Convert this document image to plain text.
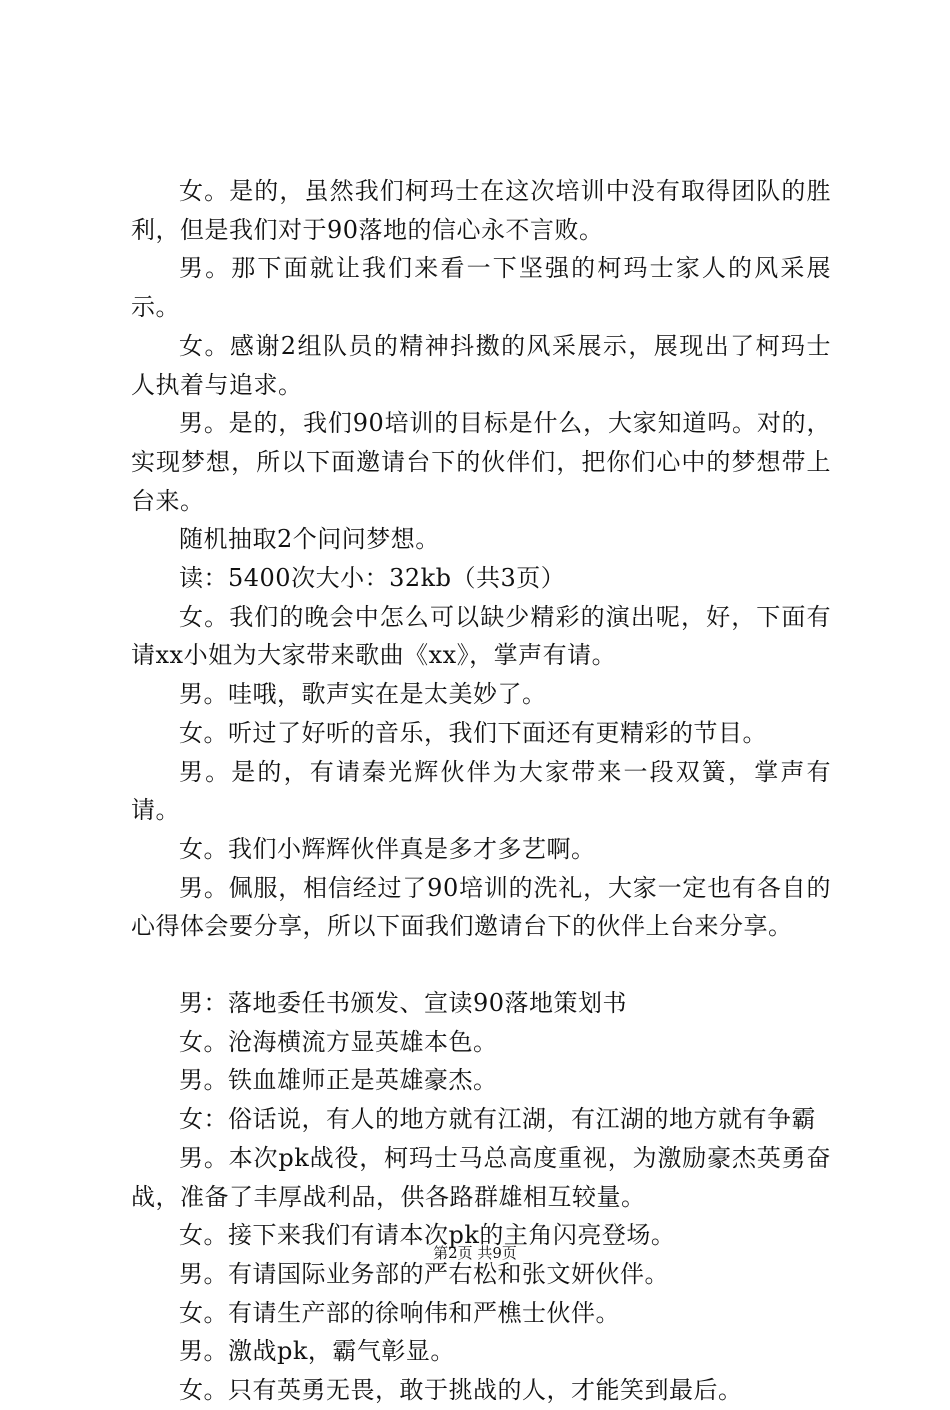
女。是的，虽然我们柯玛士在这次培训中没有取得团队的胜利，但是我们对于90落地的信心永不言败。

男。那下面就让我们来看一下坚强的柯玛士家人的风采展示。

女。感谢2组队员的精神抖擞的风采展示，展现出了柯玛士人执着与追求。

男。是的，我们90培训的目标是什么，大家知道吗。对的，实现梦想，所以下面邀请台下的伙伴们，把你们心中的梦想带上台来。

随机抽取2个问问梦想。

读：5400次大小：32kb（共3页）

女。我们的晚会中怎么可以缺少精彩的演出呢，好，下面有请xx小姐为大家带来歌曲《xx》，掌声有请。

男。哇哦，歌声实在是太美妙了。

女。听过了好听的音乐，我们下面还有更精彩的节目。

男。是的，有请秦光辉伙伴为大家带来一段双簧，掌声有请。

女。我们小辉辉伙伴真是多才多艺啊。

男。佩服，相信经过了90培训的洗礼，大家一定也有各自的心得体会要分享，所以下面我们邀请台下的伙伴上台来分享。

男：落地委任书颁发、宣读90落地策划书

女。沧海横流方显英雄本色。

男。铁血雄师正是英雄豪杰。

女：俗话说，有人的地方就有江湖，有江湖的地方就有争霸

男。本次pk战役，柯玛士马总高度重视，为激励豪杰英勇奋战，准备了丰厚战利品，供各路群雄相互较量。

女。接下来我们有请本次pk的主角闪亮登场。

男。有请国际业务部的严右松和张文妍伙伴。

女。有请生产部的徐响伟和严樵士伙伴。

男。激战pk，霸气彰显。

女。只有英勇无畏，敢于挑战的人，才能笑到最后。

第2页 共9页
